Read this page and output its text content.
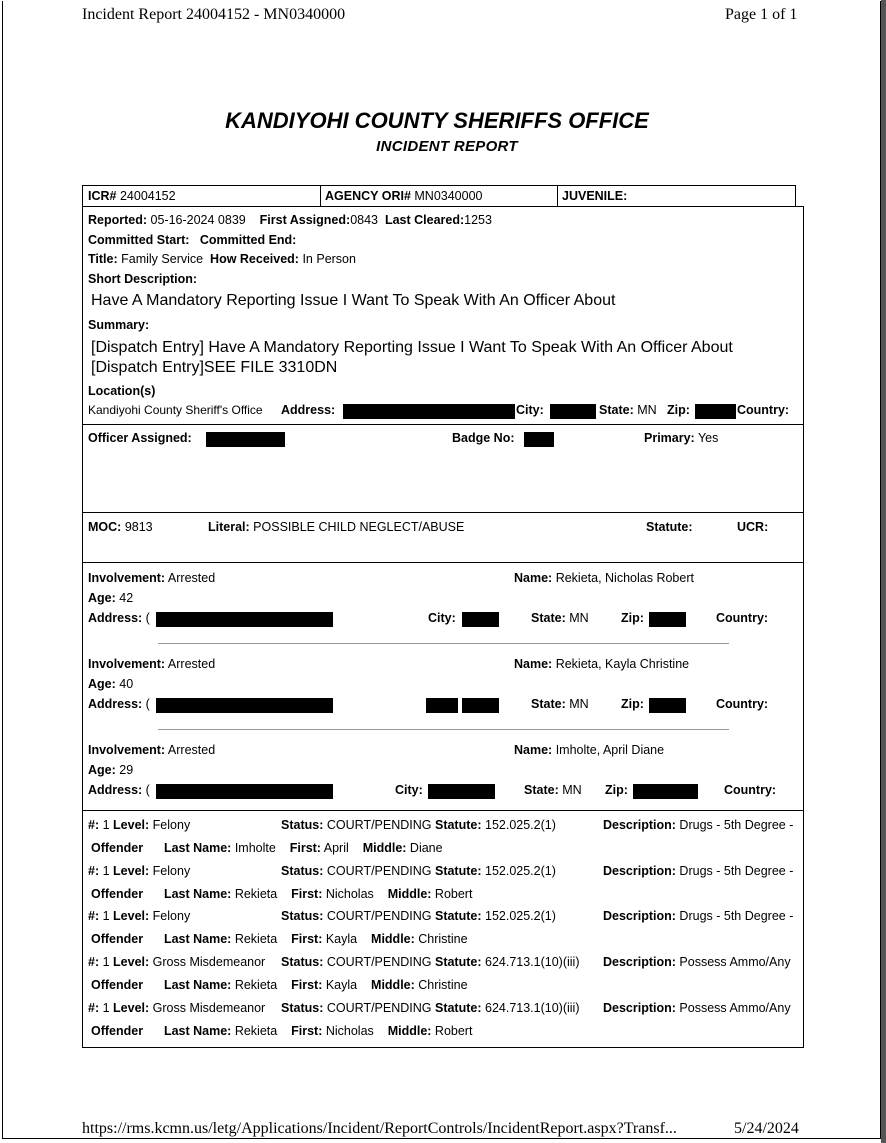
Incident Report 24004152 - MN0340000	Page 1 of 1
KANDIYOHI COUNTY SHERIFFS OFFICE
INCIDENT REPORT
ICR# 24004152	AGENCY ORI# MN0340000	JUVENILE:
Reported: 05-16-2024 0839 First Assigned:0843 Last Cleared:1253
Committed Start: Committed End:
Title: Family Service How Received: In Person
Short Description:
Have A Mandatory Reporting Issue I Want To Speak With An Officer About
Summary:
[Dispatch Entry] Have A Mandatory Reporting Issue I Want To Speak With An Officer About
[Dispatch Entry]SEE FILE 3310DN
Location(s)
Kandiyohi County Sheriff's Office Address:	City:	State: MN Zip:	Country:
Officer Assigned:	Badge No:	Primary: Yes
MOC: 9813	Literal: POSSIBLE CHILD NEGLECT/ABUSE	Statute:	UCR:
Involvement: Arrested	Name: Rekieta, Nicholas Robert
Age: 42
Address: (	City:	State: MN	Zip:	Country:
Involvement: Arrested	Name: Rekieta, Kayla Christine
Age: 40
Address: (	State: MN	Zip:	Country:
Involvement: Arrested	Name: Imholte, April Diane
Age: 29
Address: (	City:	State: MN Zip:	Country:
#: 1 Level: Felony	Status: COURT/PENDING Statute: 152.025.2(1)	Description: Drugs - 5th Degree -
Offender Last Name: Imholte First: April Middle: Diane
#: 1 Level: Felony	Status: COURT/PENDING Statute: 152.025.2(1)	Description: Drugs - 5th Degree -
Offender Last Name: Rekieta First: Nicholas Middle: Robert
#: 1 Level: Felony	Status: COURT/PENDING Statute: 152.025.2(1)	Description: Drugs - 5th Degree -
Offender Last Name: Rekieta First: Kayla Middle: Christine
#: 1 Level: Gross Misdemeanor Status: COURT/PENDING Statute: 624.713.1(10)(iii) Description: Possess Ammo/Any
Offender Last Name: Rekieta First: Kayla Middle: Christine
#: 1 Level: Gross Misdemeanor Status: COURT/PENDING Statute: 624.713.1(10)(iii) Description: Possess Ammo/Any
Offender Last Name: Rekieta First: Nicholas Middle: Robert
https://rms.kcmn.us/letg/Applications/Incident/ReportControls/IncidentReport.aspx?Transf...	5/24/2024
